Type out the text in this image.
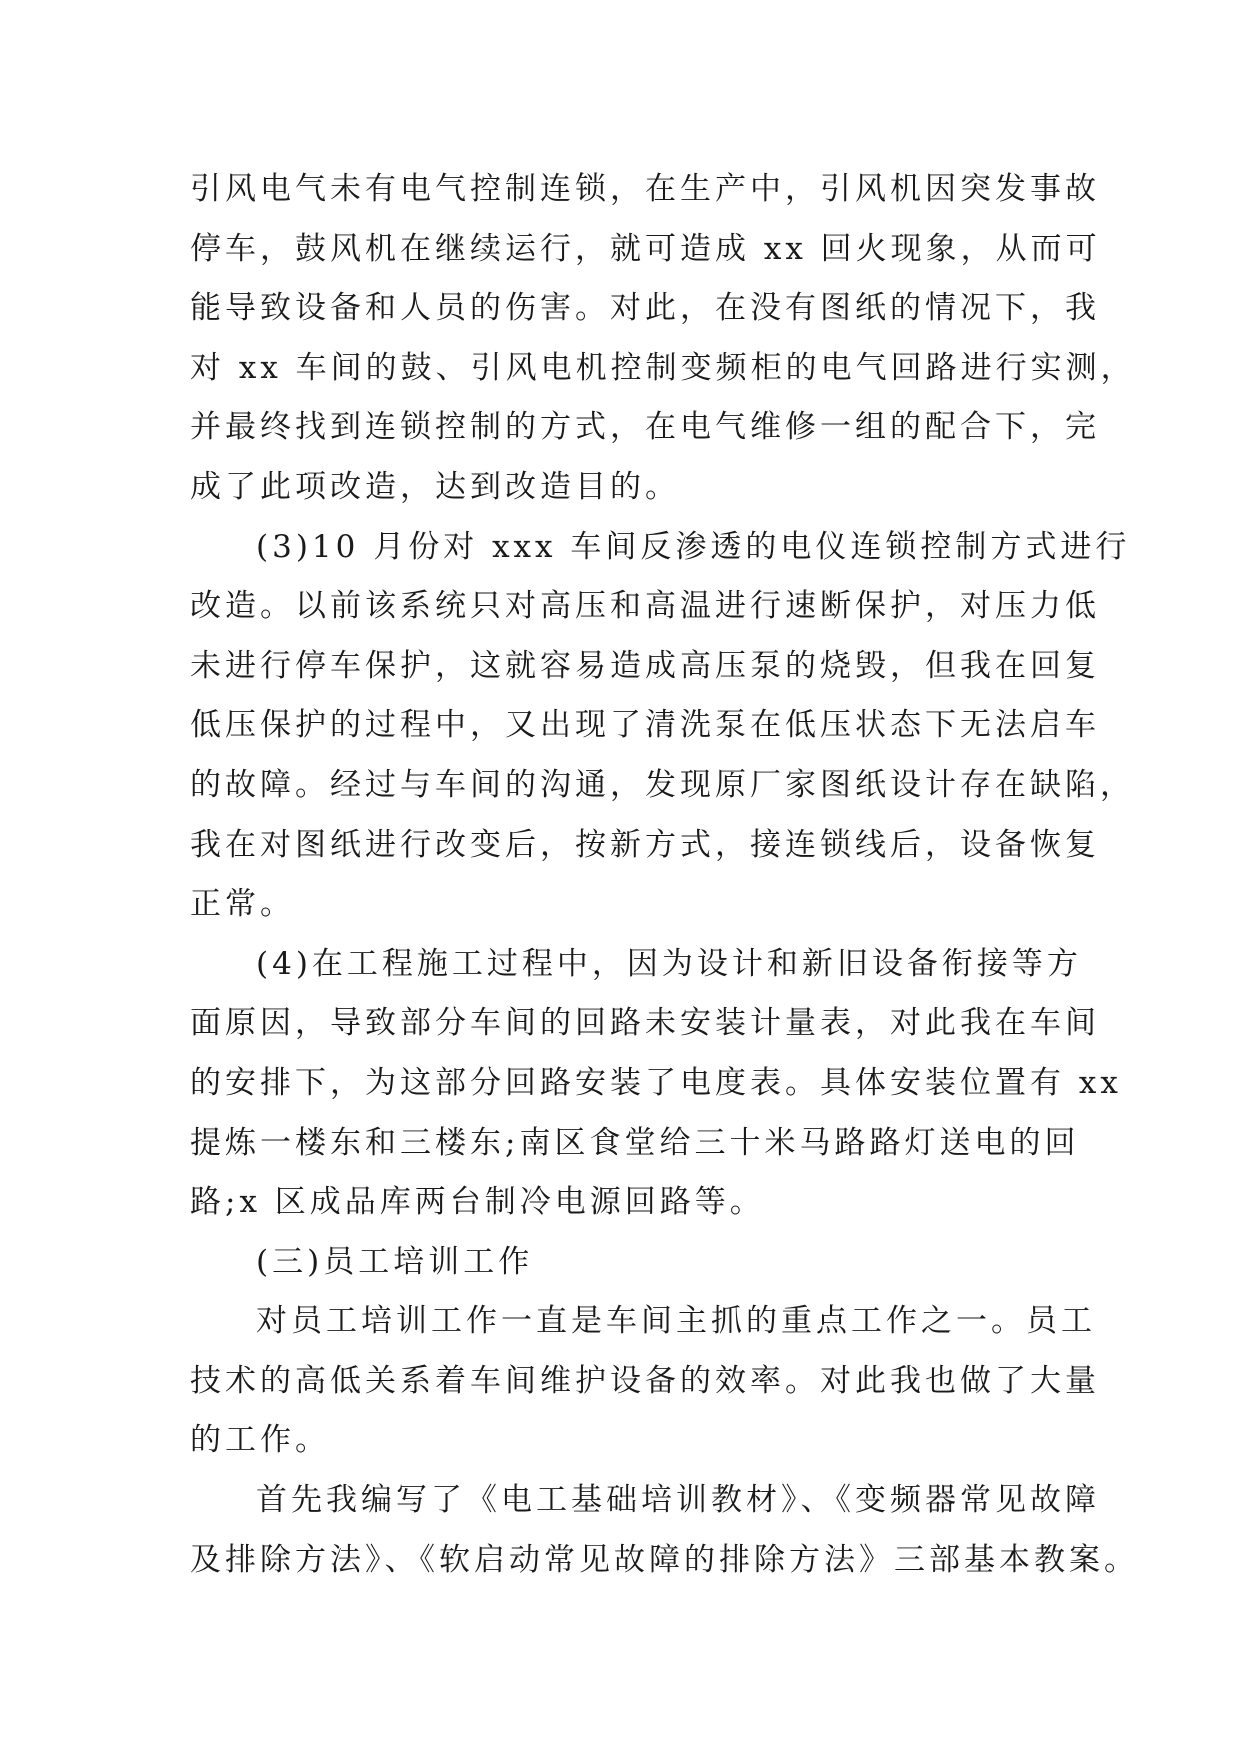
引风电气未有电气控制连锁，在生产中，引风机因突发事故
停车，鼓风机在继续运行，就可造成 xx 回火现象，从而可
能导致设备和人员的伤害。对此，在没有图纸的情况下，我
对 xx 车间的鼓、引风电机控制变频柜的电气回路进行实测，
并最终找到连锁控制的方式，在电气维修一组的配合下，完
成了此项改造，达到改造目的。
(3)10 月份对 xxx 车间反渗透的电仪连锁控制方式进行
改造。以前该系统只对高压和高温进行速断保护，对压力低
未进行停车保护，这就容易造成高压泵的烧毁，但我在回复
低压保护的过程中，又出现了清洗泵在低压状态下无法启车
的故障。经过与车间的沟通，发现原厂家图纸设计存在缺陷，
我在对图纸进行改变后，按新方式，接连锁线后，设备恢复
正常。
(4)在工程施工过程中，因为设计和新旧设备衔接等方
面原因，导致部分车间的回路未安装计量表，对此我在车间
的安排下，为这部分回路安装了电度表。具体安装位置有 xx
提炼一楼东和三楼东;南区食堂给三十米马路路灯送电的回
路;x 区成品库两台制冷电源回路等。
(三)员工培训工作
对员工培训工作一直是车间主抓的重点工作之一。员工
技术的高低关系着车间维护设备的效率。对此我也做了大量
的工作。
首先我编写了《电工基础培训教材》、《变频器常见故障
及排除方法》、《软启动常见故障的排除方法》三部基本教案。
